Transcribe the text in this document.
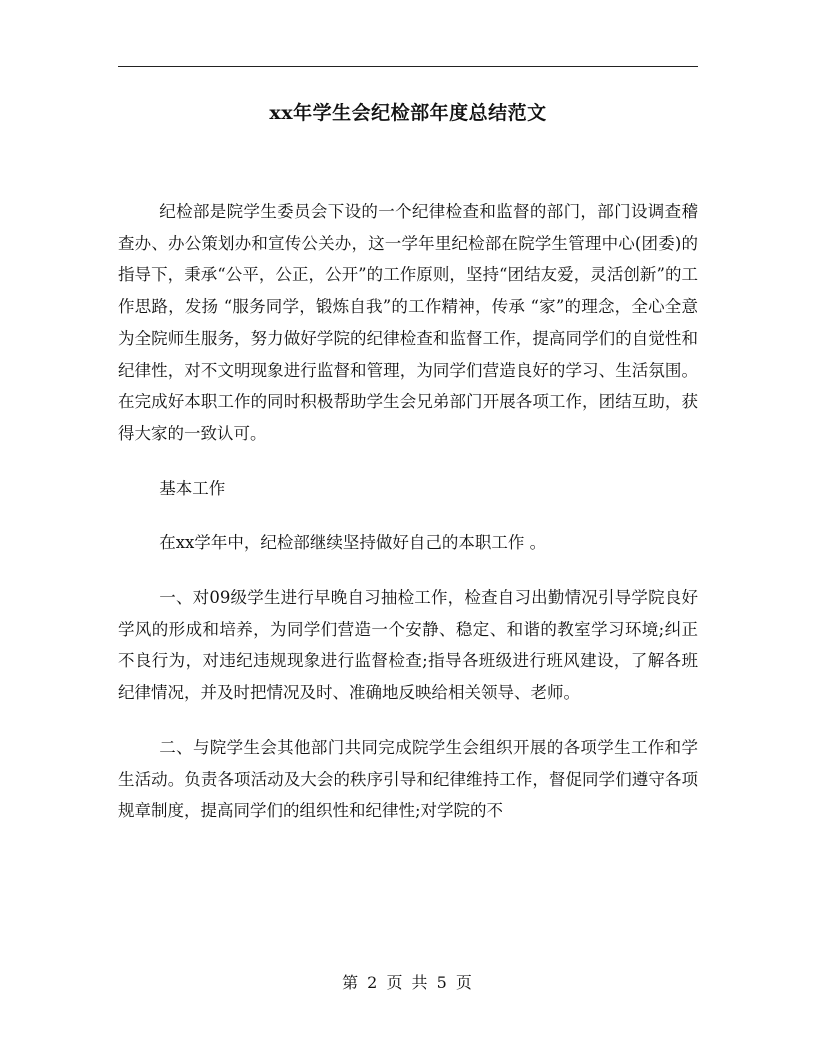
xx年学生会纪检部年度总结范文

纪检部是院学生委员会下设的一个纪律检查和监督的部门，部门设调查稽查办、办公策划办和宣传公关办，这一学年里纪检部在院学生管理中心(团委)的指导下，秉承“公平，公正，公开”的工作原则，坚持“团结友爱，灵活创新”的工作思路，发扬 “服务同学，锻炼自我”的工作精神，传承 “家”的理念，全心全意为全院师生服务，努力做好学院的纪律检查和监督工作，提高同学们的自觉性和纪律性，对不文明现象进行监督和管理，为同学们营造良好的学习、生活氛围。在完成好本职工作的同时积极帮助学生会兄弟部门开展各项工作，团结互助，获得大家的一致认可。

基本工作

在xx学年中，纪检部继续坚持做好自己的本职工作 。

一、对09级学生进行早晚自习抽检工作，检查自习出勤情况引导学院良好学风的形成和培养，为同学们营造一个安静、稳定、和谐的教室学习环境;纠正不良行为，对违纪违规现象进行监督检查;指导各班级进行班风建设，了解各班纪律情况，并及时把情况及时、准确地反映给相关领导、老师。

二、与院学生会其他部门共同完成院学生会组织开展的各项学生工作和学生活动。负责各项活动及大会的秩序引导和纪律维持工作，督促同学们遵守各项规章制度，提高同学们的组织性和纪律性;对学院的不

第 2 页 共 5 页
